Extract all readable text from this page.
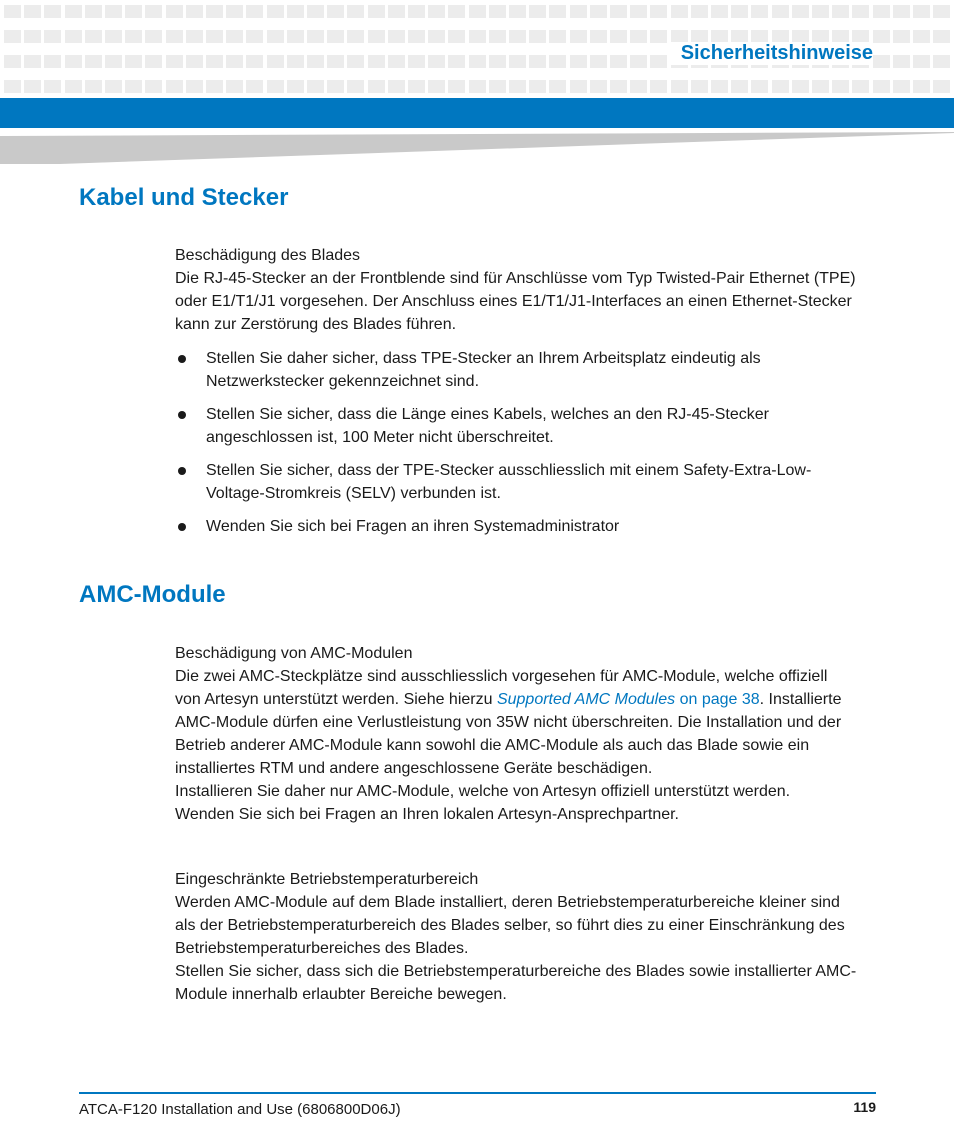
Sicherheitshinweise
Kabel und Stecker

Beschädigung des Blades

Die RJ-45-Stecker an der Frontblende sind für Anschlüsse vom Typ Twisted-Pair Ethernet (TPE)

oder E1/T1/J1 vorgesehen. Der Anschluss eines E1/T1/J1-Interfaces an einen Ethernet-Stecker

kann zur Zerstörung des Blades führen.

Stellen Sie daher sicher, dass TPE-Stecker an Ihrem Arbeitsplatz eindeutig als
Netzwerkstecker gekennzeichnet sind.
Stellen Sie sicher, dass die Länge eines Kabels, welches an den RJ-45-Stecker
angeschlossen ist, 100 Meter nicht überschreitet.
Stellen Sie sicher, dass der TPE-Stecker ausschliesslich mit einem Safety-Extra-Low-
Voltage-Stromkreis (SELV) verbunden ist.
Wenden Sie sich bei Fragen an ihren Systemadministrator
AMC-Module

Beschädigung von AMC-Modulen

Die zwei AMC-Steckplätze sind ausschliesslich vorgesehen für AMC-Module, welche offiziell

von Artesyn unterstützt werden. Siehe hierzu Supported AMC Modules on page 38. Installierte

AMC-Module dürfen eine Verlustleistung von 35W nicht überschreiten. Die Installation und der

Betrieb anderer AMC-Module kann sowohl die AMC-Module als auch das Blade sowie ein

installiertes RTM und andere angeschlossene Geräte beschädigen.

Installieren Sie daher nur AMC-Module, welche von Artesyn offiziell unterstützt werden.

Wenden Sie sich bei Fragen an Ihren lokalen Artesyn-Ansprechpartner.

Eingeschränkte Betriebstemperaturbereich

Werden AMC-Module auf dem Blade installiert, deren Betriebstemperaturbereiche kleiner sind

als der Betriebstemperaturbereich des Blades selber, so führt dies zu einer Einschränkung des

Betriebstemperaturbereiches des Blades.

Stellen Sie sicher, dass sich die Betriebstemperaturbereiche des Blades sowie installierter AMC-

Module innerhalb erlaubter Bereiche bewegen.

ATCA-F120 Installation and Use (6806800D06J)	119
